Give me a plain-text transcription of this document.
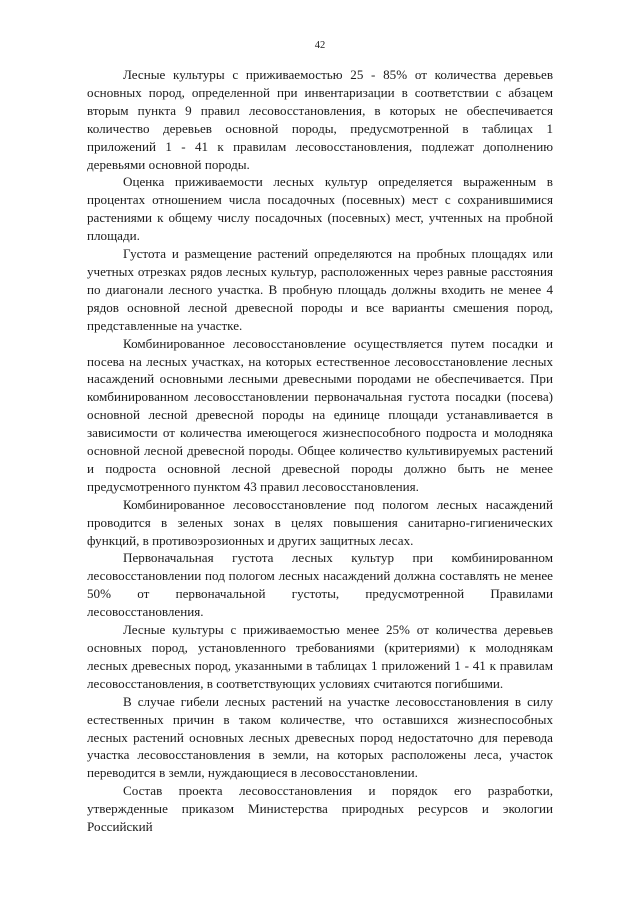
42

Лесные культуры с приживаемостью 25 - 85% от количества деревьев основных пород, определенной при инвентаризации в соответствии с абзацем вторым пункта 9 правил лесовосстановления, в которых не обеспечивается количество деревьев основной породы, предусмотренной в таблицах 1 приложений 1 - 41 к правилам лесовосстановления, подлежат дополнению деревьями основной породы.

Оценка приживаемости лесных культур определяется выраженным в процентах отношением числа посадочных (посевных) мест с сохранившимися растениями к общему числу посадочных (посевных) мест, учтенных на пробной площади.

Густота и размещение растений определяются на пробных площадях или учетных отрезках рядов лесных культур, расположенных через равные расстояния по диагонали лесного участка. В пробную площадь должны входить не менее 4 рядов основной лесной древесной породы и все варианты смешения пород, представленные на участке.

Комбинированное лесовосстановление осуществляется путем посадки и посева на лесных участках, на которых естественное лесовосстановление лесных насаждений основными лесными древесными породами не обеспечивается. При комбинированном лесовосстановлении первоначальная густота посадки (посева) основной лесной древесной породы на единице площади устанавливается в зависимости от количества имеющегося жизнеспособного подроста и молодняка основной лесной древесной породы. Общее количество культивируемых растений и подроста основной лесной древесной породы должно быть не менее предусмотренного пунктом 43 правил лесовосстановления.

Комбинированное лесовосстановление под пологом лесных насаждений проводится в зеленых зонах в целях повышения санитарно-гигиенических функций, в противоэрозионных и других защитных лесах.

Первоначальная густота лесных культур при комбинированном лесовосстановлении под пологом лесных насаждений должна составлять не менее 50% от первоначальной густоты, предусмотренной Правилами лесовосстановления.

Лесные культуры с приживаемостью менее 25% от количества деревьев основных пород, установленного требованиями (критериями) к молоднякам лесных древесных пород, указанными в таблицах 1 приложений 1 - 41 к правилам лесовосстановления, в соответствующих условиях считаются погибшими.

В случае гибели лесных растений на участке лесовосстановления в силу естественных причин в таком количестве, что оставшихся жизнеспособных лесных растений основных лесных древесных пород недостаточно для перевода участка лесовосстановления в земли, на которых расположены леса, участок переводится в земли, нуждающиеся в лесовосстановлении.

Состав проекта лесовосстановления и порядок его разработки, утвержденные приказом Министерства природных ресурсов и экологии Российский
